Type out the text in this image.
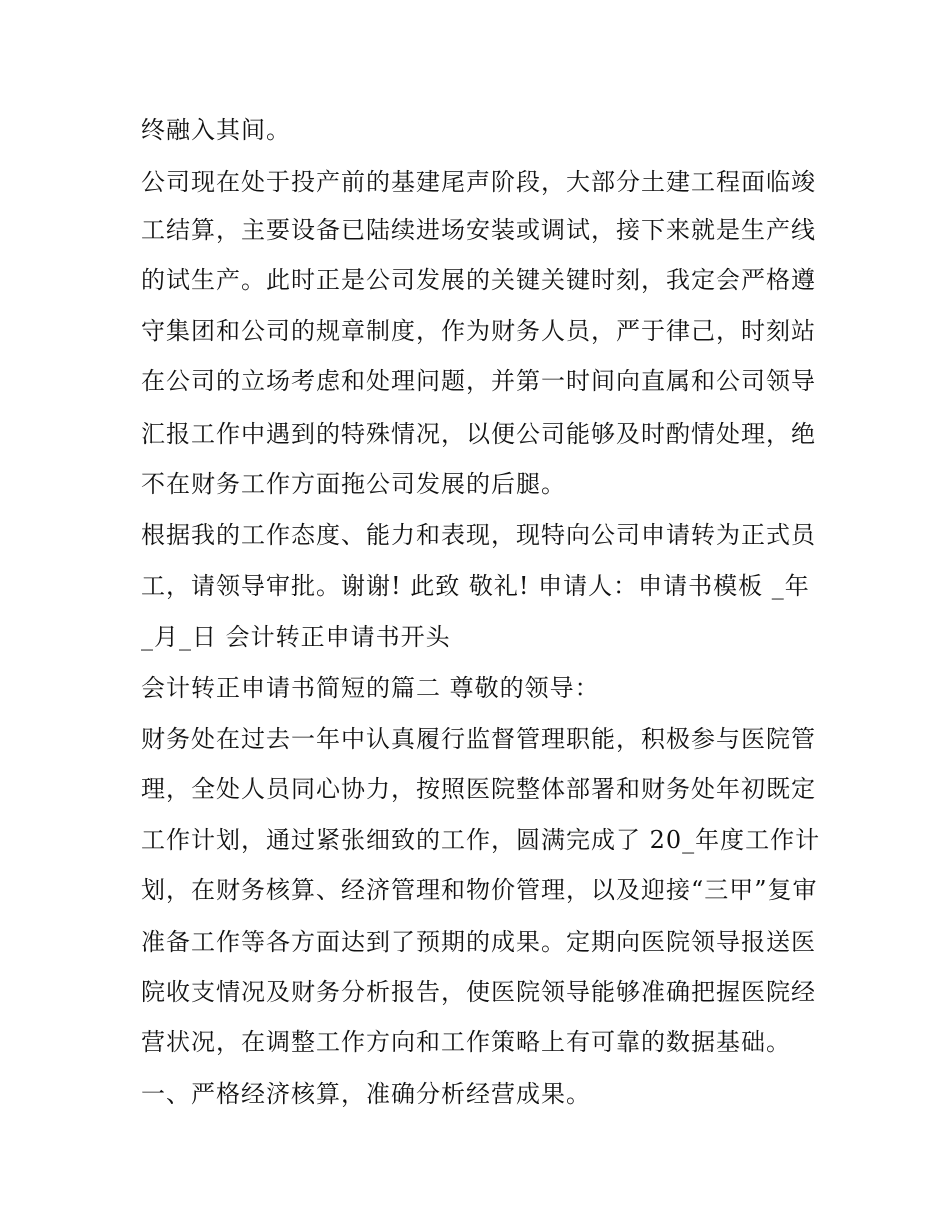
终融入其间。
公司现在处于投产前的基建尾声阶段，大部分土建工程面临竣
工结算，主要设备已陆续进场安装或调试，接下来就是生产线
的试生产。此时正是公司发展的关键关键时刻，我定会严格遵
守集团和公司的规章制度，作为财务人员，严于律己，时刻站
在公司的立场考虑和处理问题，并第一时间向直属和公司领导
汇报工作中遇到的特殊情况，以便公司能够及时酌情处理，绝
不在财务工作方面拖公司发展的后腿。
根据我的工作态度、能力和表现，现特向公司申请转为正式员
工，请领导审批。谢谢! 此致 敬礼! 申请人：申请书模板 _年
_月_日 会计转正申请书开头
会计转正申请书简短的篇二 尊敬的领导：
财务处在过去一年中认真履行监督管理职能，积极参与医院管
理，全处人员同心协力，按照医院整体部署和财务处年初既定
工作计划，通过紧张细致的工作，圆满完成了 20_年度工作计
划，在财务核算、经济管理和物价管理，以及迎接“三甲”复审
准备工作等各方面达到了预期的成果。定期向医院领导报送医
院收支情况及财务分析报告，使医院领导能够准确把握医院经
营状况，在调整工作方向和工作策略上有可靠的数据基础。
一、严格经济核算，准确分析经营成果。
